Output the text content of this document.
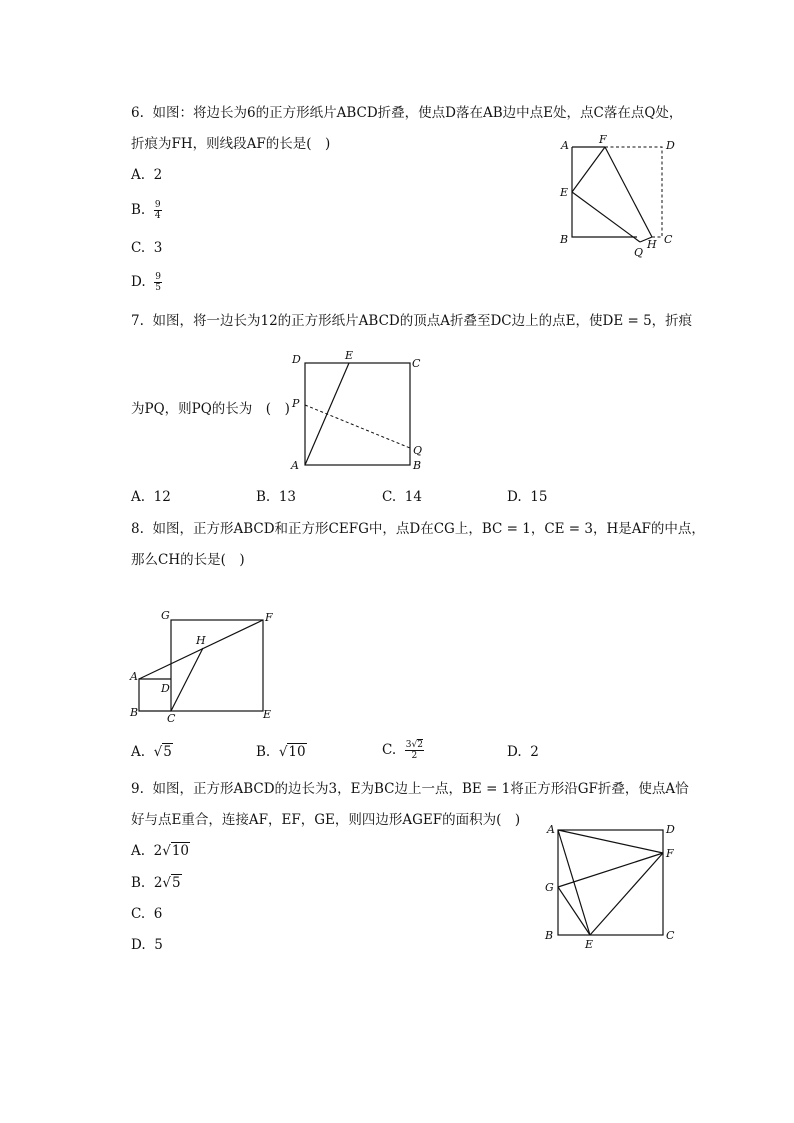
6. 如图：将边长为6的正方形纸片ABCD折叠，使点D落在AB边中点E处，点C落在点Q处，
折痕为FH，则线段AF的长是(　)
A. 2
B. $\frac{9}{4}$
C. 3
D. $\frac{9}{5}$
A	F	D
E
B
Q
H C
7. 如图，将一边长为12的正方形纸片ABCD的顶点A折叠至DC边上的点E，使DE = 5，折痕
为PQ，则PQ的长为　(　)
D	E
C
P
Q
A	B
A. 12	B. 13	C. 14	D. 15
8. 如图，正方形ABCD和正方形CEFG中，点D在CG上，BC = 1，CE = 3，H是AF的中点，
那么CH的长是(　)
G	F
H
A
D
B	C	E
A. √5	B. √10	C. $\frac{3√2}{2}$	D. 2
9. 如图，正方形ABCD的边长为3，E为BC边上一点，BE = 1将正方形沿GF折叠，使点A恰
好与点E重合，连接AF，EF，GE，则四边形AGEF的面积为(　)
A. 2√10
B. 2√5
C. 6
D. 5
A	D
F
G
B
E
C
